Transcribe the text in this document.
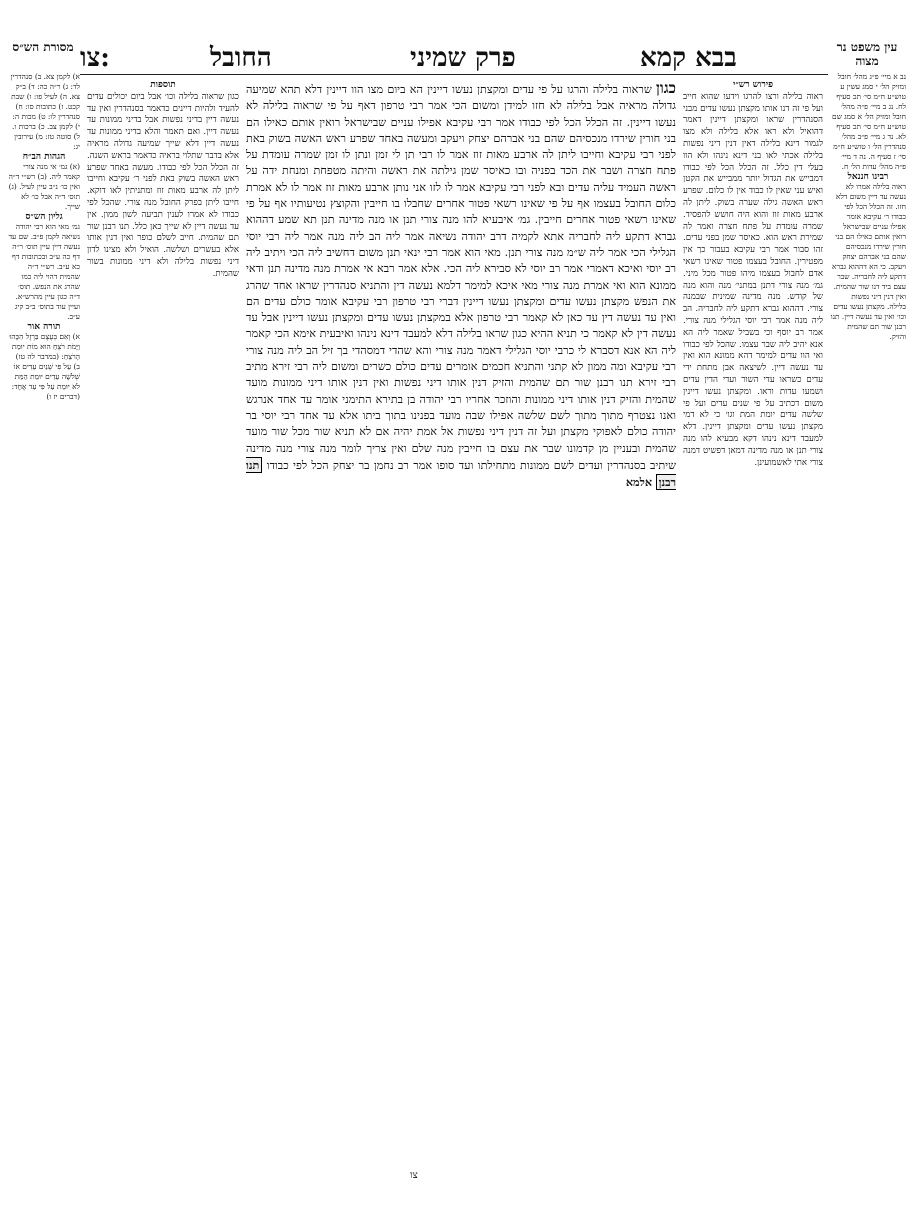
מסורת הש״ס	עין משפט נר מצוה
צו:	החובל	פרק שמיני	בבא קמא

תוספות

כגון שראוה בלילה וכו׳ אבל ביום יכולים עדים להעיד ולהיות דיינים כדאמר בסנהדרין ואין עד נעשה דיין בדיני נפשות אבל בדיני ממונות עד נעשה דיין. ואם תאמר והלא בדיני ממונות עד נעשה דיין דלא שייך שמיעה גדולה מראיה אלא בדבר שתלוי בראיה כדאמר בראש השנה. זה הכלל הכל לפי כבודו. מעשה באחד שפרע ראש האשה בשוק באת לפני ר׳ עקיבא וחייבו ליתן לה ארבע מאות זוז ומתניתין לאו דוקא. חייבו ליתן בפרק החובל מנה צורי. שהכל לפי כבודו לא אמרו לענין תביעה לשון ממון. אין עד נעשה דיין לא שייך כאן כלל. תנו רבנן שור תם שהמית. חייב לשלם כופר ואין דנין אותו אלא בעשרים ושלשה. הואיל ולא מצינו לדון דיני נפשות בלילה ולא דיני ממונות בשור שהמית.

כגון שראוה בלילה והרגו על פי עדים ומקצתן נעשו דיינין הא ביום מצו הוו דיינין דלא תהא שמיעה גדולה מראיה אבל בלילה לא חזו למידן ומשום הכי אמר רבי טרפון דאף על פי שראוה בלילה לא נעשו דיינין. זה הכלל הכל לפי כבודו אמר רבי עקיבא אפילו עניים שבישראל רואין אותם כאילו הם בני חורין שירדו מנכסיהם שהם בני אברהם יצחק ויעקב ומעשה באחד שפרע ראש האשה בשוק באת לפני רבי עקיבא וחייבו ליתן לה ארבע מאות זוז אמר לו רבי תן לי זמן ונתן לו זמן שמרה עומדת על פתח חצרה ושבר את הכד בפניה ובו כאיסר שמן גילתה את ראשה והיתה מטפחת ומנחת ידה על ראשה העמיד עליה עדים ובא לפני רבי עקיבא אמר לו לזו אני נותן ארבע מאות זוז אמר לו לא אמרת כלום החובל בעצמו אף על פי שאינו רשאי פטור אחרים שחבלו בו חייבין והקוצץ נטיעותיו אף על פי שאינו רשאי פטור אחרים חייבין. גמ׳ איבעיא להו מנה צורי תנן או מנה מדינה תנן תא שמע דההוא גברא דתקע ליה לחבריה אתא לקמיה דרב יהודה נשיאה אמר ליה הב ליה מנה אמר ליה רבי יוסי הגלילי הכי אמר ליה ש״מ מנה צורי תנן. מאי הוא אמר רבי ינאי תנן משום דחשיב ליה הכי ויתיב ליה רב יוסי ואיכא דאמרי אמר רב יוסי לא סבירא ליה הכי. אלא אמר רבא אי אמרת מנה מדינה תנן ודאי ממונא הוא ואי אמרת מנה צורי מאי איכא למימר דלמא נעשה דין והתניא סנהדרין שראו אחד שהרג את הנפש מקצתן נעשו עדים ומקצתן נעשו דיינין דברי רבי טרפון רבי עקיבא אומר כולם עדים הם ואין עד נעשה דין עד כאן לא קאמר רבי טרפון אלא במקצתן נעשו עדים ומקצתן נעשו דיינין אבל עד נעשה דין לא קאמר כי תניא ההיא כגון שראו בלילה דלא למעבד דינא נינהו ואיבעית אימא הכי קאמר ליה הא אנא דסברא לי כרבי יוסי הגלילי דאמר מנה צורי והא שהדי דמסהדי בך זיל הב ליה מנה צורי רבי עקיבא ומה ממון לא קתני והתניא חכמים אומרים עדים כולם כשרים ומשום ליה רבי זירא מתיב רבי זירא תנו רבנן שור תם שהמית והזיק דנין אותו דיני נפשות ואין דנין אותו דיני ממונות מועד שהמית והזיק דנין אותו דיני ממונות והוזכר אחריו רבי יהודה בן בתירא התימני אומר עד אחד אנרגש ואנו נצטרף מתוך מתוך לשם שלשה אפילו שבה מועד בפנינו בתוך ביתו אלא עד אחד רבי יוסי בר יהודה כולם לאפוקי מקצתן ועל זה דנין דיני נפשות אל אמת יהיה אם לא תניא שור מכל שור מועד שהמית ובעניין מן קדמונו שבר את עצם בו חייבין מנה שלם ואין צריך לומר מנה צורי מנה מדינה שיתיב בסנהדרין ועדים לשם ממונות מתחילתו ועד סופו אמר רב נחמן בר יצחק הכל לפי כבודו תנו רבנן אלמא

פירוש רש״י

ראוה בלילה ורצו להרגו וידעו שהוא חייב ועל פי זה דנו אותו מקצתן נעשו עדים מבני הסנהדרין שראו ומקצתן דיינין דאמר דהואיל ולא ראו אלא בלילה ולא מצו לגמור דינא בלילה דאין דנין דיני נפשות בלילה אכתי לאו בני דינא נינהו ולא הוו בעלי דין כלל. זה הכלל הכל לפי כבודו דמבייש את הגדול יותר ממבייש את הקטן ואיש עני שאין לו כבוד אין לו כלום. שפרע ראש האשה גילה שערה בשוק. ליתן לה ארבע מאות זוז והוא היה חושש להפסיד. שמרה עומדת על פתח חצרה ואמר לה שמירת ראש הוא. כאיסר שמן בפני עדים. זהו סבור אמר רבי עקיבא בעבור כך אין מפטירין. החובל בעצמו פטור שאינו רשאי אדם לחבול בעצמו מיהו פטור מכל מיני. גמ׳ מנה צורי דתנן במתני׳ מנה והוא מנה של קודש. מנה מדינה שמינית שבמנה צורי. דההוא גברא דתקע ליה לחבריה. הב ליה מנה אמר רבי יוסי הגלילי מנה צורי. אמר רב יוסף וכי בשביל שאמר ליה הא אנא יהיב ליה שבר עצמו. שהכל לפי כבודו ואי הוו עדים למימר דהא ממונא הוא ואין עד נעשה דיין. לשיצאה אבן מתחת ידי עדים כשראו עדי השור ועדי הדין עדים ושמעו עדות וראו. ומקצתן נעשו דיינין משום דכתיב על פי שנים עדים ועל פי שלשה עדים יומת המת וגו׳ כי לא דמי מקצתן נעשו עדים ומקצתן דיינין. דלא למעבד דינא נינהו דקא מבעיא להו מנה צורי תנן או מנה מדינה דמאן דפשיט דמנה צורי אתי לאשמועינן.

א) לקמן צא. ב) סנהדרין לד: ג) ר״ה כה: ד) ב״ק צא. ה) לעיל פו: ו) שבת קכט. ז) כתובות סו: ח) סנהדרין לו: ט) מכות ה: י) לקמן צב. כ) ברכות ו. ל) סוטה טז: מ) עירובין יג:

הגהות הב״ח

(א) גמ׳ אי מנה צורי קאמר ליה. (ב) רש״י ד״ה ואין כו׳ נ״ב עיין לעיל. (ג) תוס׳ ד״ה אבל כו׳ לא שייך.

גליון הש״ס

גמ׳ מאי הוא רבי יהודה נשיאה לקמן פ״ב. שם עד נעשה דיין עיין תוס׳ ר״ה דף כה ע״ב ובכתובות דף כא ע״ב. רש״י ד״ה שהמית דהוי ליה כמו שהרג את הנפש. תוס׳ ד״ה כגון עיין מהרש״א. ועיין עוד בתוס׳ ב״ב קיג ע״ב.

תורה אור

א) וְאִם בְּעֶצֶם בַּרְזֶל הִכָּהוּ וַיָּמֹת רֹצֵחַ הוּא מוֹת יוּמַת הָרֹצֵחַ: (במדבר לה טז) ב) עַל פִּי שְׁנַיִם עֵדִים אוֹ שְׁלֹשָׁה עֵדִים יוּמַת הַמֵּת לֹא יוּמַת עַל פִּי עֵד אֶחָד: (דברים יז ו)

נב א מיי׳ פ״ג מהל׳ חובל ומזיק הל׳ י סמג עשין ע טוש״ע ח״מ סי׳ תכ סעיף לח. נג ב מיי׳ פ״ה מהל׳ חובל ומזיק הל׳ א סמג שם טוש״ע ח״מ סי׳ תכ סעיף לא. נד ג מיי׳ פ״ב מהל׳ סנהדרין הל׳ ו טוש״ע ח״מ סי׳ ז סעיף ה. נה ד מיי׳ פ״ה מהל׳ עדות הל׳ ח.

רבינו חננאל

ראוה בלילה אמרו לא נעשה עד דיין משום דלא חזו. זה הכלל הכל לפי כבודו ר׳ עקיבא אומר אפילו עניים שבישראל רואין אותם כאילו הם בני חורין שירדו מנכסיהם שהם בני אברהם יצחק ויעקב. כי הא דההוא גברא דתקע ליה לחבריה. שבר עצם ביד דנו שור שהמית. ואין דנין דיני נפשות בלילה. מקצתן נעשו עדים וכו׳ ואין עד נעשה דיין. תנו רבנן שור תם שהמית והזיק.

צו
